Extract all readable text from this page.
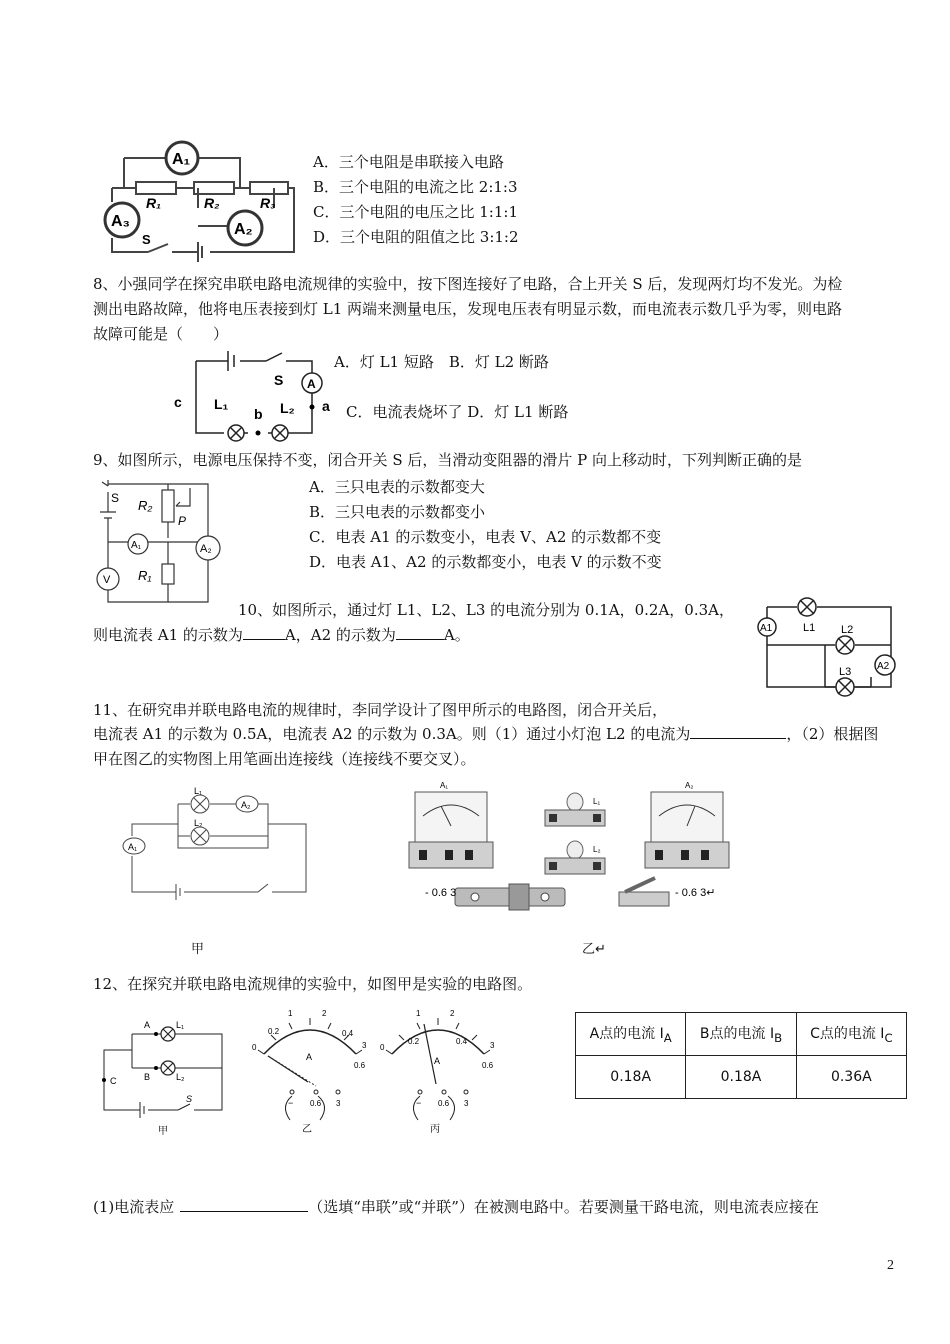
A₁
A₃	A₂
R₁	R₂	R₃
S
A．三个电阻是串联接入电路
B．三个电阻的电流之比 2:1:3
C．三个电阻的电压之比 1:1:1
D．三个电阻的阻值之比 3:1:2
8、小强同学在探究串联电路电流规律的实验中，按下图连接好了电路，合上开关 S 后，发现两灯均不发光。为检
测出电路故障，他将电压表接到灯 L1 两端来测量电压，发现电压表有明显示数，而电流表示数几乎为零，则电路
故障可能是（　　）
A
c L₁
b L₂ a
S
A．灯 L1 短路　B．灯 L2 断路
C．电流表烧坏了 D．灯 L1 断路
9、如图所示，电源电压保持不变，闭合开关 S 后，当滑动变阻器的滑片 P 向上移动时，下列判断正确的是
S R₂
P
A₁	A₂
V R₁
A．三只电表的示数都变大
B．三只电表的示数都变小
C．电表 A1 的示数变小，电表 V、A2 的示数都不变
D．电表 A1、A2 的示数都变小，电表 V 的示数不变
10、如图所示，通过灯 L1、L2、L3 的电流分别为 0.1A，0.2A，0.3A，
则电流表 A1 的示数为	A，A2 的示数为	A。	A1
A2
L1 L2
L3
11、在研究串并联电路电流的规律时，李同学设计了图甲所示的电路图，闭合开关后，
电流表 A1 的示数为 0.5A，电流表 A2 的示数为 0.3A。则（1）通过小灯泡 L2 的电流为	，（2）根据图
甲在图乙的实物图上用笔画出连接线（连接线不要交叉）。
A₂
A₁
L₁
L₂
甲
A₁
L₁
L₂
A₂
- 0.6 3	- 0.6 3↵
乙↵
12、在探究并联电路电流规律的实验中，如图甲是实验的电路图。
A
B
C
L₁
L₂
S
甲
0
0.2	0.4
0.6
1	2
3
A
− 0.6 3
乙
0
0.2	0.4
0.6
1	2
3
A
− 0.6 3
丙
A点的电流 $I_A$	B点的电流 $I_B$	C点的电流 $I_C$
0.18A	0.18A	0.36A
(1)电流表应	（选填“串联”或“并联”）在被测电路中。若要测量干路电流，则电流表应接在
2
